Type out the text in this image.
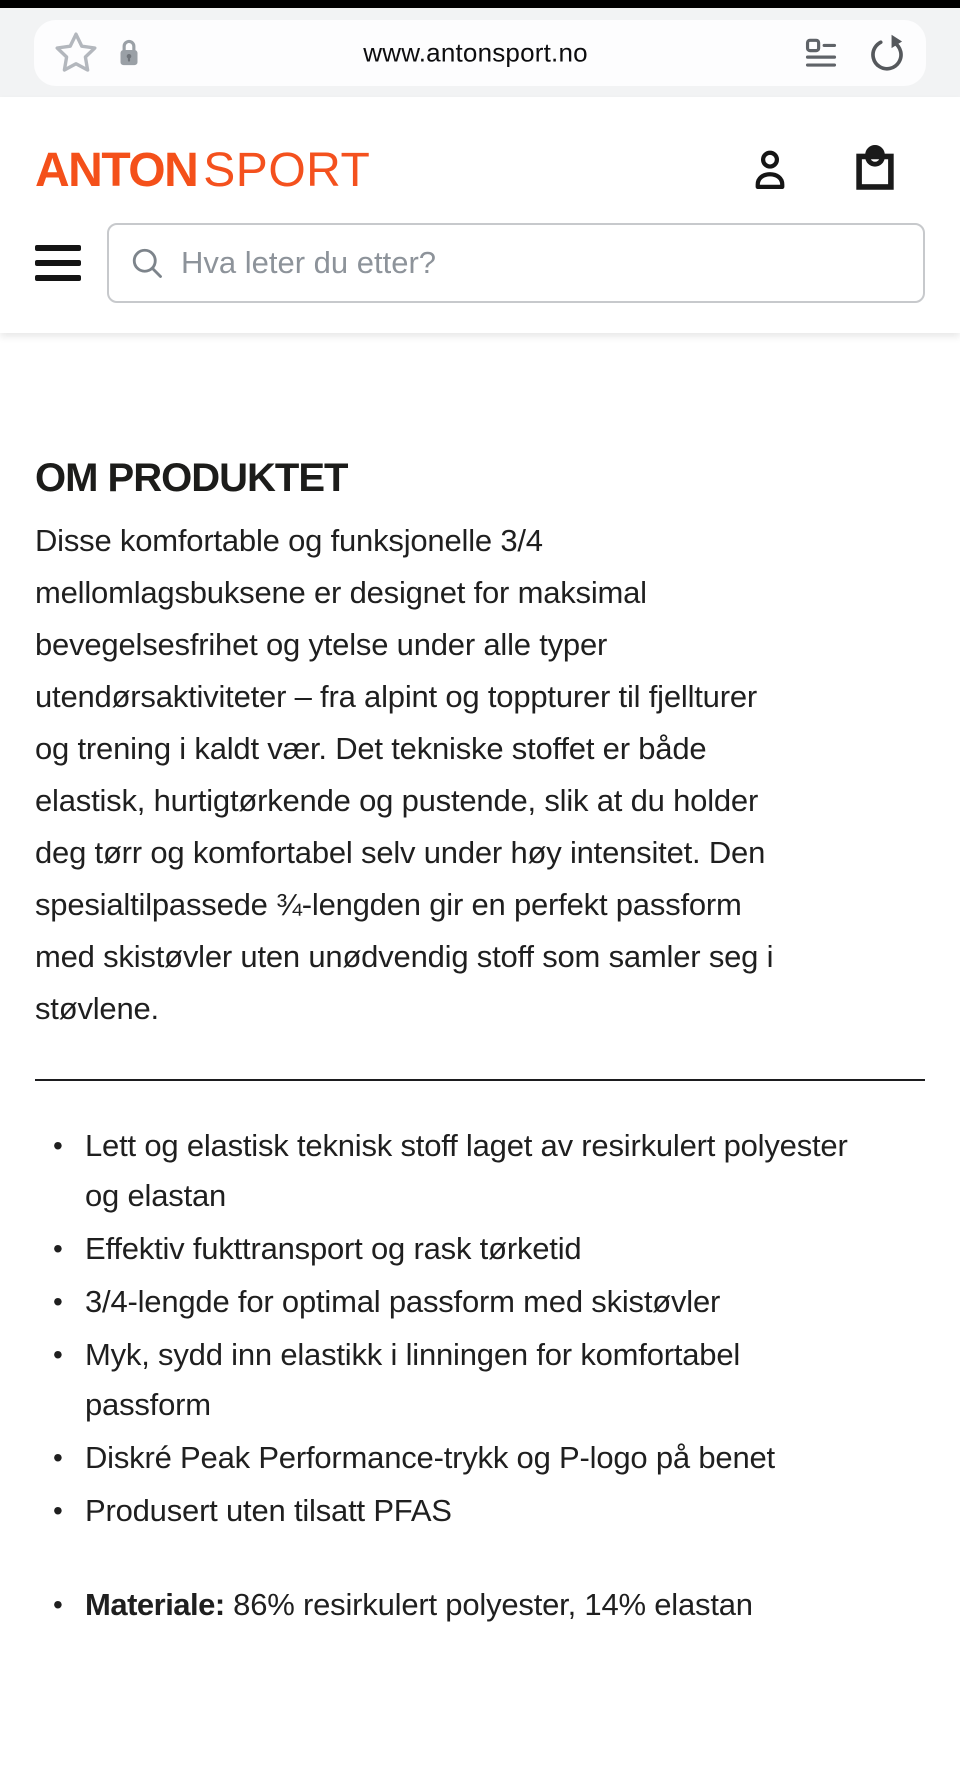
www.antonsport.no
ANTON SPORT
Hva leter du etter?
OM PRODUKTET
Disse komfortable og funksjonelle 3/4
mellomlagsbuksene er designet for maksimal
bevegelsesfrihet og ytelse under alle typer
utendørsaktiviteter – fra alpint og toppturer til fjellturer
og trening i kaldt vær. Det tekniske stoffet er både
elastisk, hurtigtørkende og pustende, slik at du holder
deg tørr og komfortabel selv under høy intensitet. Den
spesialtilpassede ¾-lengden gir en perfekt passform
med skistøvler uten unødvendig stoff som samler seg i
støvlene.
• Lett og elastisk teknisk stoff laget av resirkulert polyester og elastan
• Effektiv fukttransport og rask tørketid
• 3/4-lengde for optimal passform med skistøvler
• Myk, sydd inn elastikk i linningen for komfortabel passform
• Diskré Peak Performance-trykk og P-logo på benet
• Produsert uten tilsatt PFAS
• Materiale: 86% resirkulert polyester, 14% elastan
